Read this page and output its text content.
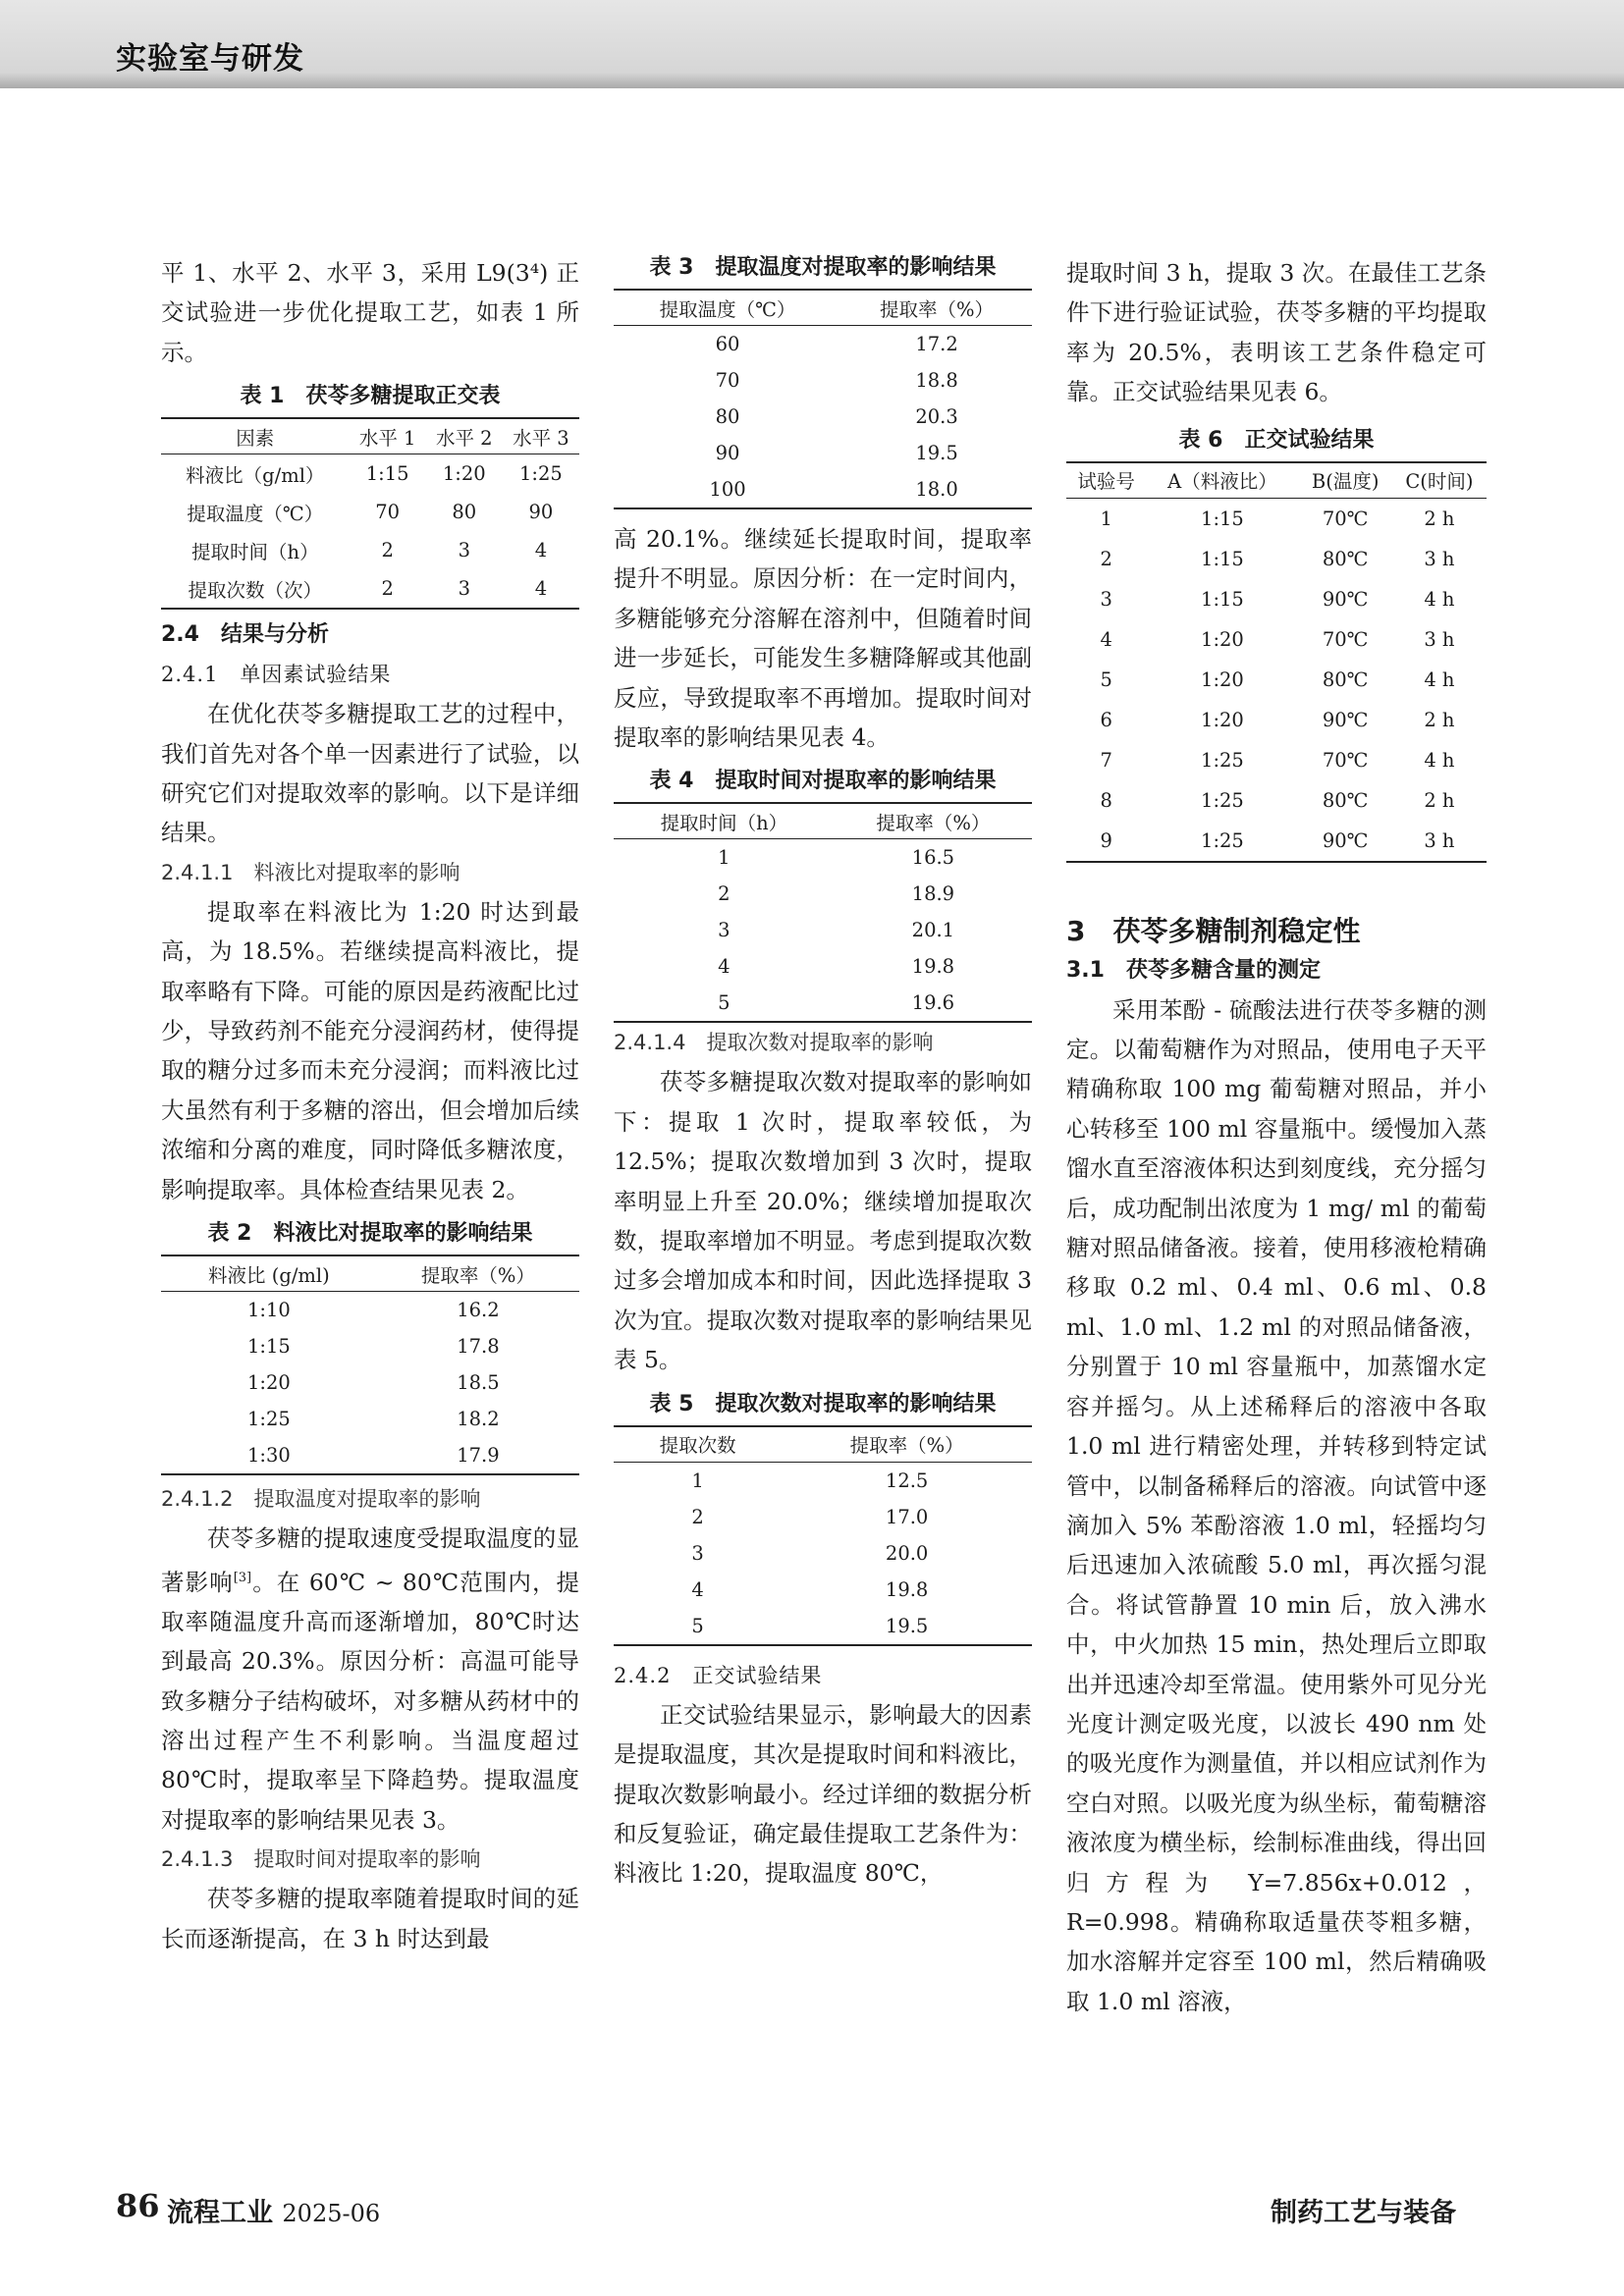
实验室与研发

平 1、水平 2、水平 3，采用 L9(3⁴) 正交试验进一步优化提取工艺，如表 1 所示。

表 1　茯苓多糖提取正交表
因素	水平 1	水平 2	水平 3
料液比（g/ml）	1:15	1:20	1:25
提取温度（℃）	70	80	90
提取时间（h）	2	3	4
提取次数（次）	2	3	4
2.4　结果与分析
2.4.1　单因素试验结果

在优化茯苓多糖提取工艺的过程中，我们首先对各个单一因素进行了试验，以研究它们对提取效率的影响。以下是详细结果。

2.4.1.1　料液比对提取率的影响

提取率在料液比为 1:20 时达到最高，为 18.5%。若继续提高料液比，提取率略有下降。可能的原因是药液配比过少，导致药剂不能充分浸润药材，使得提取的糖分过多而未充分浸润；而料液比过大虽然有利于多糖的溶出，但会增加后续浓缩和分离的难度，同时降低多糖浓度，影响提取率。具体检查结果见表 2。

表 2　料液比对提取率的影响结果
料液比 (g/ml)	提取率（%）
1:10	16.2
1:15	17.8
1:20	18.5
1:25	18.2
1:30	17.9
2.4.1.2　提取温度对提取率的影响

茯苓多糖的提取速度受提取温度的显著影响[3]。在 60℃ ~ 80℃范围内，提取率随温度升高而逐渐增加，80℃时达到最高 20.3%。原因分析：高温可能导致多糖分子结构破坏，对多糖从药材中的溶出过程产生不利影响。当温度超过 80℃时，提取率呈下降趋势。提取温度对提取率的影响结果见表 3。

2.4.1.3　提取时间对提取率的影响

茯苓多糖的提取率随着提取时间的延长而逐渐提高，在 3 h 时达到最

表 3　提取温度对提取率的影响结果
提取温度（℃）	提取率（%）
60	17.2
70	18.8
80	20.3
90	19.5
100	18.0

高 20.1%。继续延长提取时间，提取率提升不明显。原因分析：在一定时间内，多糖能够充分溶解在溶剂中，但随着时间进一步延长，可能发生多糖降解或其他副反应，导致提取率不再增加。提取时间对提取率的影响结果见表 4。

表 4　提取时间对提取率的影响结果
提取时间（h）	提取率（%）
1	16.5
2	18.9
3	20.1
4	19.8
5	19.6
2.4.1.4　提取次数对提取率的影响

茯苓多糖提取次数对提取率的影响如下：提取 1 次时，提取率较低，为 12.5%；提取次数增加到 3 次时，提取率明显上升至 20.0%；继续增加提取次数，提取率增加不明显。考虑到提取次数过多会增加成本和时间，因此选择提取 3 次为宜。提取次数对提取率的影响结果见表 5。

表 5　提取次数对提取率的影响结果
提取次数	提取率（%）
1	12.5
2	17.0
3	20.0
4	19.8
5	19.5
2.4.2　正交试验结果

正交试验结果显示，影响最大的因素是提取温度，其次是提取时间和料液比，提取次数影响最小。经过详细的数据分析和反复验证，确定最佳提取工艺条件为：料液比 1:20，提取温度 80℃，

提取时间 3 h，提取 3 次。在最佳工艺条件下进行验证试验，茯苓多糖的平均提取率为 20.5%，表明该工艺条件稳定可靠。正交试验结果见表 6。

表 6　正交试验结果
试验号	A（料液比）	B(温度)	C(时间)
1	1:15	70℃	2 h
2	1:15	80℃	3 h
3	1:15	90℃	4 h
4	1:20	70℃	3 h
5	1:20	80℃	4 h
6	1:20	90℃	2 h
7	1:25	70℃	4 h
8	1:25	80℃	2 h
9	1:25	90℃	3 h
3　茯苓多糖制剂稳定性
3.1　茯苓多糖含量的测定

采用苯酚 - 硫酸法进行茯苓多糖的测定。以葡萄糖作为对照品，使用电子天平精确称取 100 mg 葡萄糖对照品，并小心转移至 100 ml 容量瓶中。缓慢加入蒸馏水直至溶液体积达到刻度线，充分摇匀后，成功配制出浓度为 1 mg/ ml 的葡萄糖对照品储备液。接着，使用移液枪精确移取 0.2 ml、0.4 ml、0.6 ml、0.8 ml、1.0 ml、1.2 ml 的对照品储备液，分别置于 10 ml 容量瓶中，加蒸馏水定容并摇匀。从上述稀释后的溶液中各取 1.0 ml 进行精密处理，并转移到特定试管中，以制备稀释后的溶液。向试管中逐滴加入 5% 苯酚溶液 1.0 ml，轻摇均匀后迅速加入浓硫酸 5.0 ml，再次摇匀混合。将试管静置 10 min 后，放入沸水中，中火加热 15 min，热处理后立即取出并迅速冷却至常温。使用紫外可见分光光度计测定吸光度，以波长 490 nm 处的吸光度作为测量值，并以相应试剂作为空白对照。以吸光度为纵坐标，葡萄糖溶液浓度为横坐标，绘制标准曲线，得出回归方程为 Y=7.856x+0.012，R=0.998。精确称取适量茯苓粗多糖，加水溶解并定容至 100 ml，然后精确吸取 1.0 ml 溶液，

86 流程工业 2025-06	制药工艺与装备
